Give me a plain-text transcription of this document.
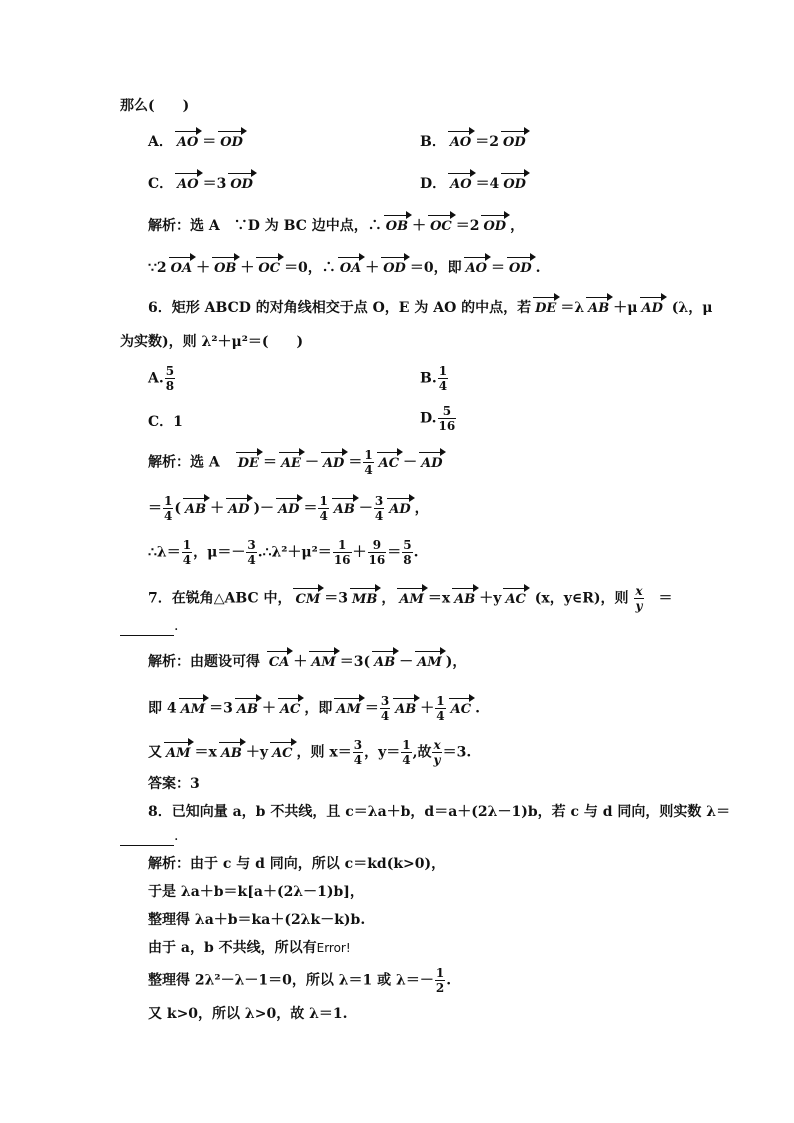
那么(　　)
A． AO ＝ OD	B． AO ＝2 OD
C． AO ＝3 OD	D． AO ＝4 OD
解析：选 A　 ∵D 为 BC 边中点，∴ OB ＋ OC ＝2 OD ，
∵2 OA ＋ OB ＋ OC ＝0，∴ OA ＋ OD ＝0，即 AO ＝ OD .
6．矩形 ABCD 的对角线相交于点 O，E 为 AO 的中点，若 DE ＝λ AB ＋μ AD (λ，μ
为实数)，则 λ²＋μ²＝(　　)
A. $\frac{5}{8}$	B. $\frac{1}{4}$
C．1	D. $\frac{5}{16}$
解析：选 A　 DE ＝ AE － AD ＝ $\frac{1}{4}$ AC － AD
＝ $\frac{1}{4}$ ( AB ＋ AD )－ AD ＝ $\frac{1}{4}$ AB － $\frac{3}{4}$ AD ，
∴λ＝ $\frac{1}{4}$ ，$\mu=- \frac{3}{4}$ .∴λ²＋μ²＝ $\frac{1}{16} + \frac{9}{16} = \frac{5}{8}$ .
7．在锐角△ABC 中， CM ＝3 MB ， AM ＝x AB ＋y AC (x，y∈R)，则 $\frac{x}{y}$ 　＝
.
解析：由题设可得 CA ＋ AM ＝3( AB － AM )，
即 4 AM ＝3 AB ＋ AC ，即 AM ＝ $\frac{3}{4}$ AB ＋ $\frac{1}{4}$ AC .
又 AM ＝x AB ＋y AC ，则 $x= \frac{3}{4}$ ，$y= \frac{1}{4}$ ,故 $\frac{x}{y} =3$.
答案：3
8．已知向量 a，b 不共线，且 c＝λa＋b，d＝a＋(2λ－1)b，若 c 与 d 同向，则实数 λ＝
.
解析：由于 c 与 d 同向，所以 c＝kd(k>0)，
于是 λa＋b＝k[a＋(2λ－1)b]，
整理得 λa＋b＝ka＋(2λk－k)b.
由于 a，b 不共线，所以有Error!
整理得 2λ²－λ－1＝0，所以 λ＝1 或 $\lambda=- \frac{1}{2}$ .
又 k>0，所以 λ>0，故 λ＝1.
